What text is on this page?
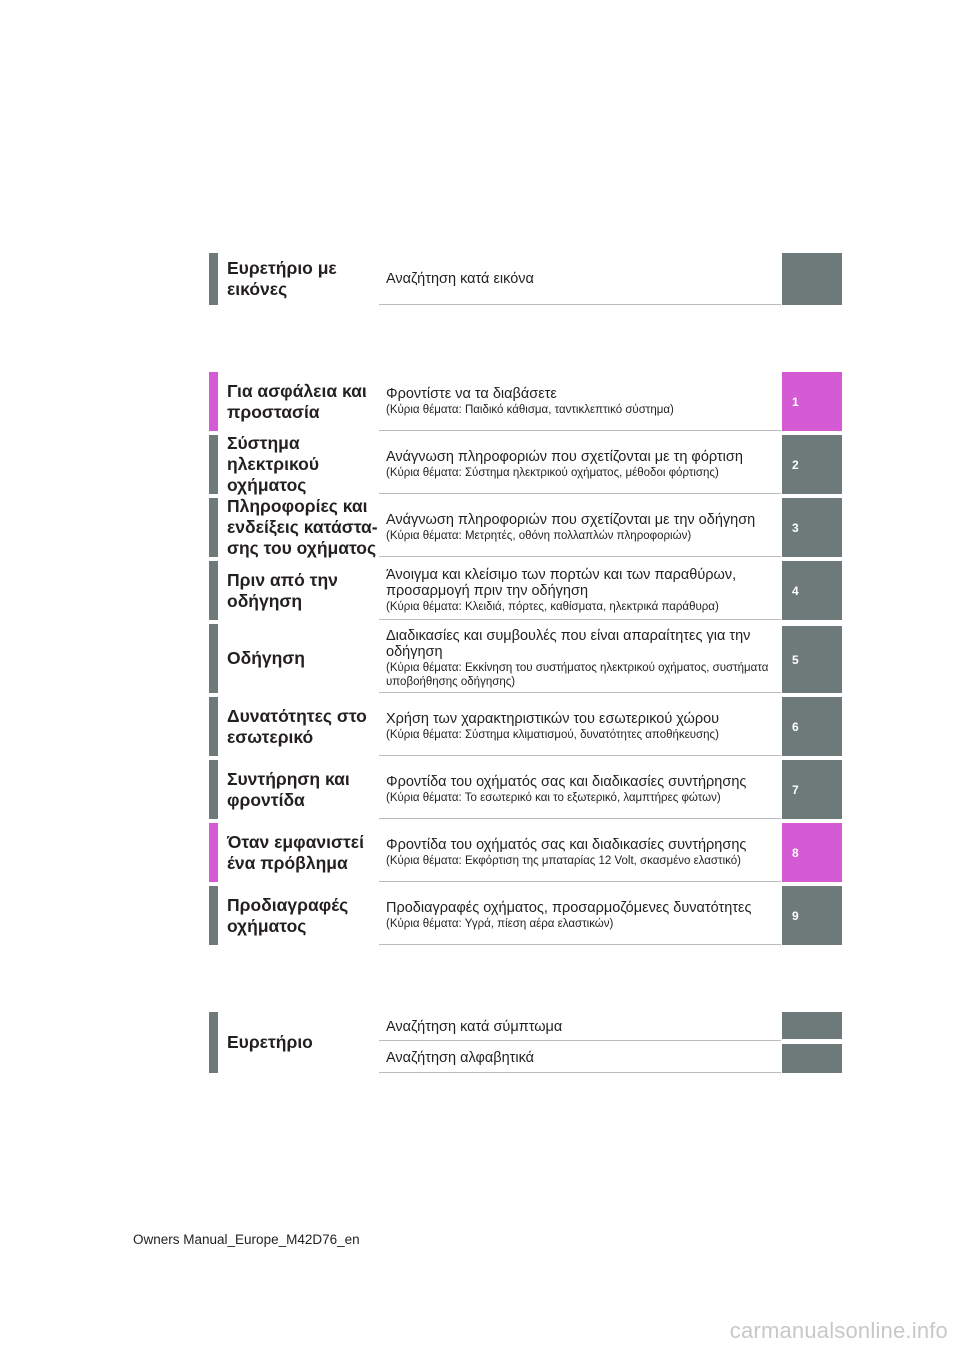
Ευρετήριο με εικόνες
Αναζήτηση κατά εικόνα
Για ασφάλεια και προστασία
Φροντίστε να τα διαβάσετε
(Κύρια θέματα: Παιδικό κάθισμα, ταντικλεπτικό σύστημα)
1
Σύστημα ηλεκτρικού οχήματος
Ανάγνωση πληροφοριών που σχετίζονται με τη φόρτιση
(Κύρια θέματα: Σύστημα ηλεκτρικού οχήματος, μέθοδοι φόρτισης)
2
Πληροφορίες και ενδείξεις κατάστα-σης του οχήματος
Ανάγνωση πληροφοριών που σχετίζονται με την οδήγηση
(Κύρια θέματα: Μετρητές, οθόνη πολλαπλών πληροφοριών)
3
Πριν από την οδήγηση
Άνοιγμα και κλείσιμο των πορτών και των παραθύρων, προσαρμογή πριν την οδήγηση
(Κύρια θέματα: Κλειδιά, πόρτες, καθίσματα, ηλεκτρικά παράθυρα)
4
Οδήγηση
Διαδικασίες και συμβουλές που είναι απαραίτητες για την οδήγηση
(Κύρια θέματα: Εκκίνηση του συστήματος ηλεκτρικού οχήματος, συστήματα υποβοήθησης οδήγησης)
5
Δυνατότητες στο εσωτερικό
Χρήση των χαρακτηριστικών του εσωτερικού χώρου
(Κύρια θέματα: Σύστημα κλιματισμού, δυνατότητες αποθήκευσης)
6
Συντήρηση και φροντίδα
Φροντίδα του οχήματός σας και διαδικασίες συντήρησης
(Κύρια θέματα: Το εσωτερικό και το εξωτερικό, λαμπτήρες φώτων)
7
Όταν εμφανιστεί ένα πρόβλημα
Φροντίδα του οχήματός σας και διαδικασίες συντήρησης
(Κύρια θέματα: Εκφόρτιση της μπαταρίας 12 Volt, σκασμένο ελαστικό)
8
Προδιαγραφές οχήματος
Προδιαγραφές οχήματος, προσαρμοζόμενες δυνατότητες
(Κύρια θέματα: Υγρά, πίεση αέρα ελαστικών)
9
Ευρετήριο
Αναζήτηση κατά σύμπτωμα
Αναζήτηση αλφαβητικά
Owners Manual_Europe_M42D76_en
carmanualsonline.info
